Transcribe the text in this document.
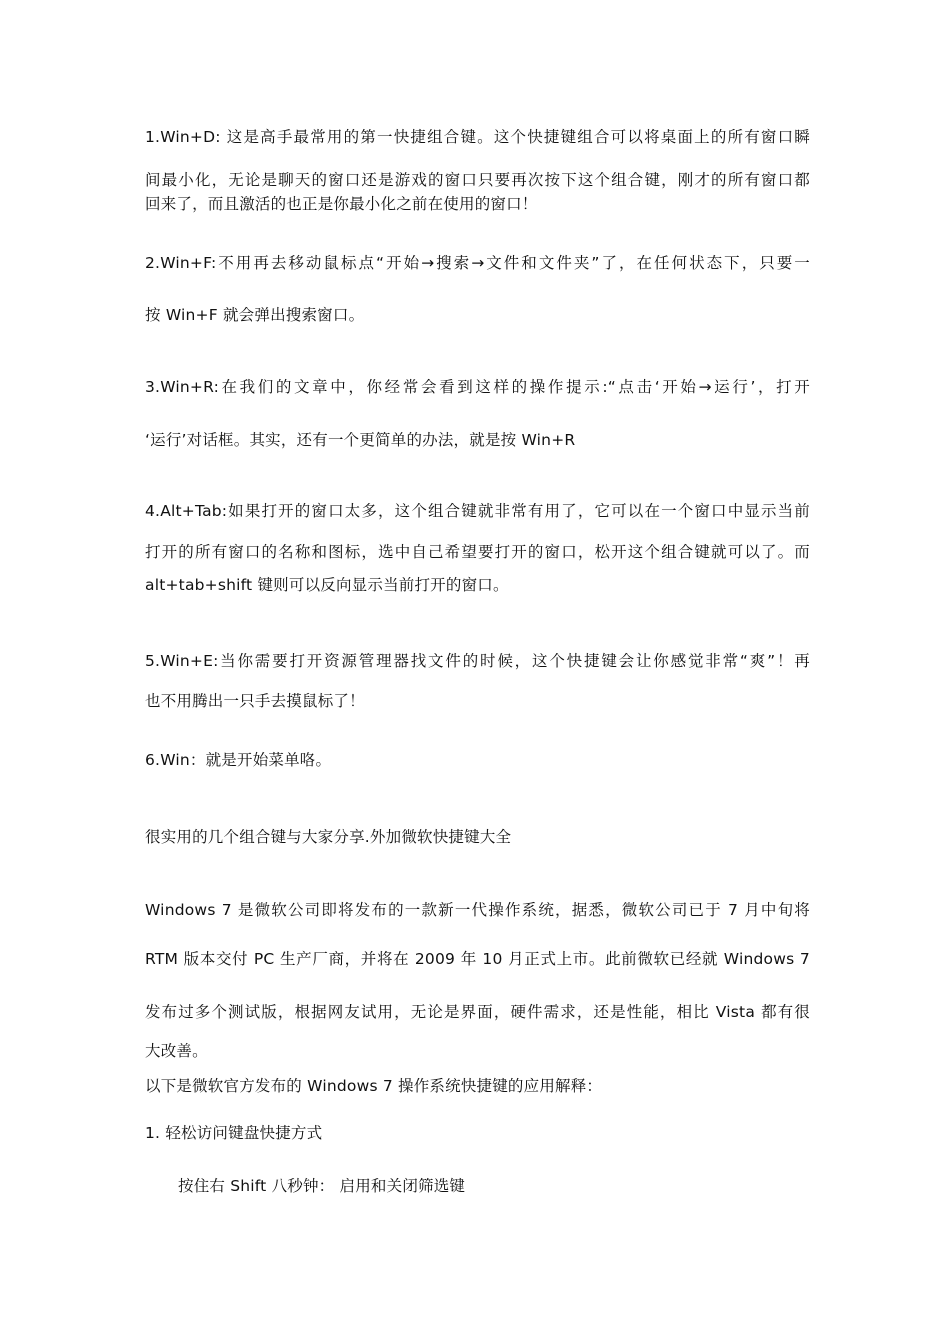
1.Win+D: 这是高手最常用的第一快捷组合键。这个快捷键组合可以将桌面上的所有窗口瞬
间最小化，无论是聊天的窗口还是游戏的窗口只要再次按下这个组合键，刚才的所有窗口都
回来了，而且激活的也正是你最小化之前在使用的窗口！
2.Win+F:不用再去移动鼠标点“开始→搜索→文件和文件夹”了，在任何状态下，只要一
按 Win+F 就会弹出搜索窗口。
3.Win+R:在我们的文章中，你经常会看到这样的操作提示:“点击‘开始→运行’，打开
‘运行’对话框。其实，还有一个更简单的办法，就是按 Win+R
4.Alt+Tab:如果打开的窗口太多，这个组合键就非常有用了，它可以在一个窗口中显示当前
打开的所有窗口的名称和图标，选中自己希望要打开的窗口，松开这个组合键就可以了。而
alt+tab+shift 键则可以反向显示当前打开的窗口。
5.Win+E:当你需要打开资源管理器找文件的时候，这个快捷键会让你感觉非常“爽”！再
也不用腾出一只手去摸鼠标了！
6.Win：就是开始菜单咯。
很实用的几个组合键与大家分享.外加微软快捷键大全
Windows 7 是微软公司即将发布的一款新一代操作系统，据悉，微软公司已于 7 月中旬将
RTM 版本交付 PC 生产厂商，并将在 2009 年 10 月正式上市。此前微软已经就 Windows 7
发布过多个测试版，根据网友试用，无论是界面，硬件需求，还是性能，相比 Vista 都有很
大改善。
以下是微软官方发布的 Windows 7 操作系统快捷键的应用解释：
1. 轻松访问键盘快捷方式
按住右 Shift 八秒钟： 启用和关闭筛选键
